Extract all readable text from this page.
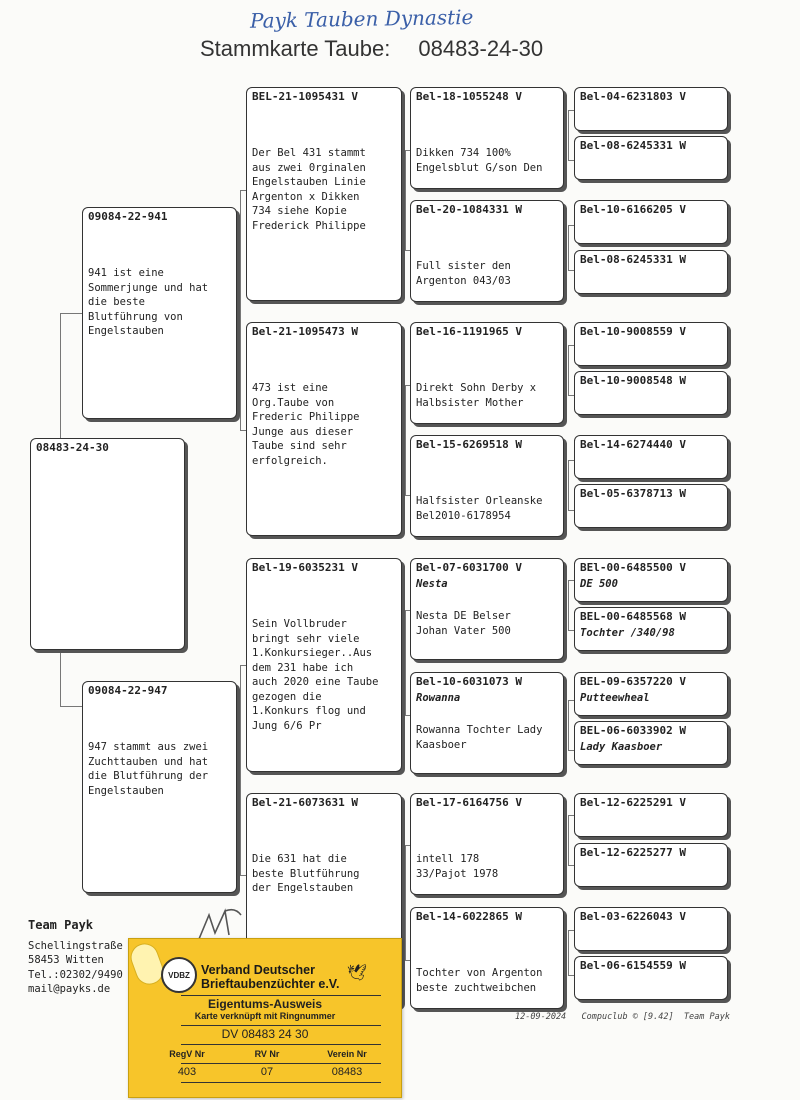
Payk Tauben Dynastie
Stammkarte Taube: 08483-24-30
08483-24-30
09084-22-941
941 ist eine
Sommerjunge und hat
die beste
Blutführung von
Engelstauben
09084-22-947
947 stammt aus zwei
Zuchttauben und hat
die Blutführung der
Engelstauben
BEL-21-1095431 V
Der Bel 431 stammt
aus zwei 0rginalen
Engelstauben Linie
Argenton x Dikken
734 siehe Kopie
Frederick Philippe
Bel-21-1095473 W
473 ist eine
Org.Taube von
Frederic Philippe
Junge aus dieser
Taube sind sehr
erfolgreich.
Bel-19-6035231 V
Sein Vollbruder
bringt sehr viele
1.Konkursieger..Aus
dem 231 habe ich
auch 2020 eine Taube
gezogen die
1.Konkurs flog und
Jung 6/6 Pr
Bel-21-6073631 W
Die 631 hat die
beste Blutführung
der Engelstauben
Bel-18-1055248 V
Dikken 734 100%
Engelsblut G/son Den
Bel-20-1084331 W
Full sister den
Argenton 043/03
Bel-16-1191965 V
Direkt Sohn Derby x
Halbsister Mother
Bel-15-6269518 W
Halfsister Orleanske
Bel2010-6178954
Bel-07-6031700 V
Nesta
Nesta DE Belser
Johan Vater 500
Bel-10-6031073 W
Rowanna
Rowanna Tochter Lady
Kaasboer
Bel-17-6164756 V
intell 178
33/Pajot 1978
Bel-14-6022865 W
Tochter von Argenton
beste zuchtweibchen
Bel-04-6231803 V
Bel-08-6245331 W
Bel-10-6166205 V
Bel-08-6245331 W
Bel-10-9008559 V
Bel-10-9008548 W
Bel-14-6274440 V
Bel-05-6378713 W
BEl-00-6485500 V
DE 500
BEL-00-6485568 W
Tochter /340/98
BEL-09-6357220 V
Putteewheal
BEL-06-6033902 W
Lady Kaasboer
Bel-12-6225291 V
Bel-12-6225277 W
Bel-03-6226043 V
Bel-06-6154559 W
Team Payk
Schellingstraße
58453 Witten
Tel.:02302/9490
mail@payks.de
12-09-2024   Compuclub © [9.42]  Team Payk
VDBZ Verband Deutscher
Brieftaubenzüchter e.V.
🕊
Eigentums-Ausweis
Karte verknüpft mit Ringnummer
DV 08483 24 30
RegV Nr	RV Nr	Verein Nr
403	07	08483
